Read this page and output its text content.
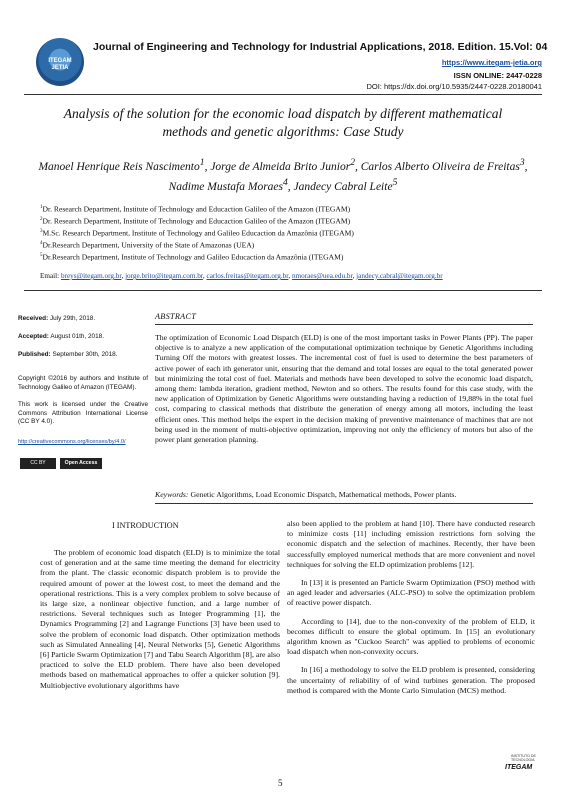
ITEGAM
JETIA
Journal of Engineering and Technology for Industrial Applications, 2018. Edition. 15.Vol: 04
https://www.itegam-jetia.org
ISSN ONLINE: 2447-0228
DOI: https://dx.doi.org/10.5935/2447-0228.20180041
Analysis of the solution for the economic load dispatch by different mathematical methods and genetic algorithms: Case Study
Manoel Henrique Reis Nascimento$^1$, Jorge de Almeida Brito Junior$^2$, Carlos Alberto Oliveira de Freitas$^3$, Nadime Mustafa Moraes$^4$, Jandecy Cabral Leite$^5$
$^1$Dr. Research Department, Institute of Technology and Educaction Galileo of the Amazon (ITEGAM)
$^2$Dr. Research Department, Institute of Technology and Educaction Galileo of the Amazon (ITEGAM)
$^3$M.Sc. Research Department, Institute of Technology and Galileo Educaction da Amazônia (ITEGAM)
$^4$Dr.Research Department, University of the State of Amazonas (UEA)
$^5$Dr.Research Department, Institute of Technology and Galileo Educaction da Amazônia (ITEGAM)
Email: breys@itegam.org.br, jorge.brito@itegam.com.br, carlos.freitas@itegam.org.br, nmoraes@uea.edu.br, jandecy.cabral@itegam.org.br
Received: July 29th, 2018.
Accepted: August 01th, 2018.
Published: September 30th, 2018.
Copyright ©2016 by authors and Institute of Technology Galileo of Amazon (ITEGAM).
This work is licensed under the Creative Commons Attribution International License (CC BY 4.0).
http://creativecommons.org/licenses/by/4.0/
CC BY	Open Access
ABSTRACT
The optimization of Economic Load Dispatch (ELD) is one of the most important tasks in Power Plants (PP). The paper objective is to analyze a new application of the computational optimization technique by Genetic Algorithms including Turning Off the motors with greatest losses. The incremental cost of fuel is used to determine the best parameters of active power of each ith generator unit, ensuring that the demand and total losses are equal to the total generated power but minimizing the total cost of fuel. Materials and methods have been developed to solve the economic load dispatch, among them: lambda iteration, gradient method, Newton and so others. The results found for this case study, with the new application of Optimization by Genetic Algorithms were outstanding having a reduction of 19,88% in the total fuel cost, comparing to classical methods that distribute the generation of energy among all motors, including the least efficient ones. This method helps the expert in the decision making of preventive maintenance of machines that are not being used in the moment of multi-objective optimization, improving not only the efficiency of motors but also of the power plant generation planning.
Keywords: Genetic Algorithms, Load Economic Dispatch, Mathematical methods, Power plants.
I INTRODUCTION

The problem of economic load dispatch (ELD) is to minimize the total cost of generation and at the same time meeting the demand for electricity from the plant. The classic economic dispatch problem is to provide the required amount of power at the lowest cost, to meet the demand and the operational restrictions. This is a very complex problem to solve because of its large size, a nonlinear objective function, and a large number of restrictions. Several techniques such as Integer Programming [1], the Dynamics Programming [2] and Lagrange Functions [3] have been used to solve the problem of economic load dispatch. Other optimization methods such as Simulated Annealing [4], Neural Networks [5], Genetic Algorithms [6] Particle Swarm Optimization [7] and Tabu Search Algorithm [8], are also practiced to solve the ELD problem. There have also been developed methods based on mathematical approaches to offer a quicker solution [9]. Multiobjective evolutionary algorithms have

also been applied to the problem at hand [10]. There have conducted research to minimize costs [11] including emission restrictions forn solving the economic dispatch and the selection of machines. Recently, ther have been successfully employed numerical methods that are more convenient and novel techniques for solving the ELD optimization problems [12].

In [13] it is presented an Particle Swarm Optimization (PSO) method with an aged leader and adversaries (ALC-PSO) to solve the optimization problem of reactive power dispatch.

According to [14], due to the non-convexity of the problem of ELD, it becomes difficult to ensure the global optimum. In [15] an evolutionary algorithm known as "Cuckoo Search" was applied to problems of economic load dispatch when non-convexity occurs.

In [16] a methodology to solve the ELD problem is presented, considering the uncertainty of reliability of of wind turbines generation. The proposed method is compared with the Monte Carlo Simulation (MCS) method.

INSTITUTO DE
TECNOLOGIA
ITEGAM
5
